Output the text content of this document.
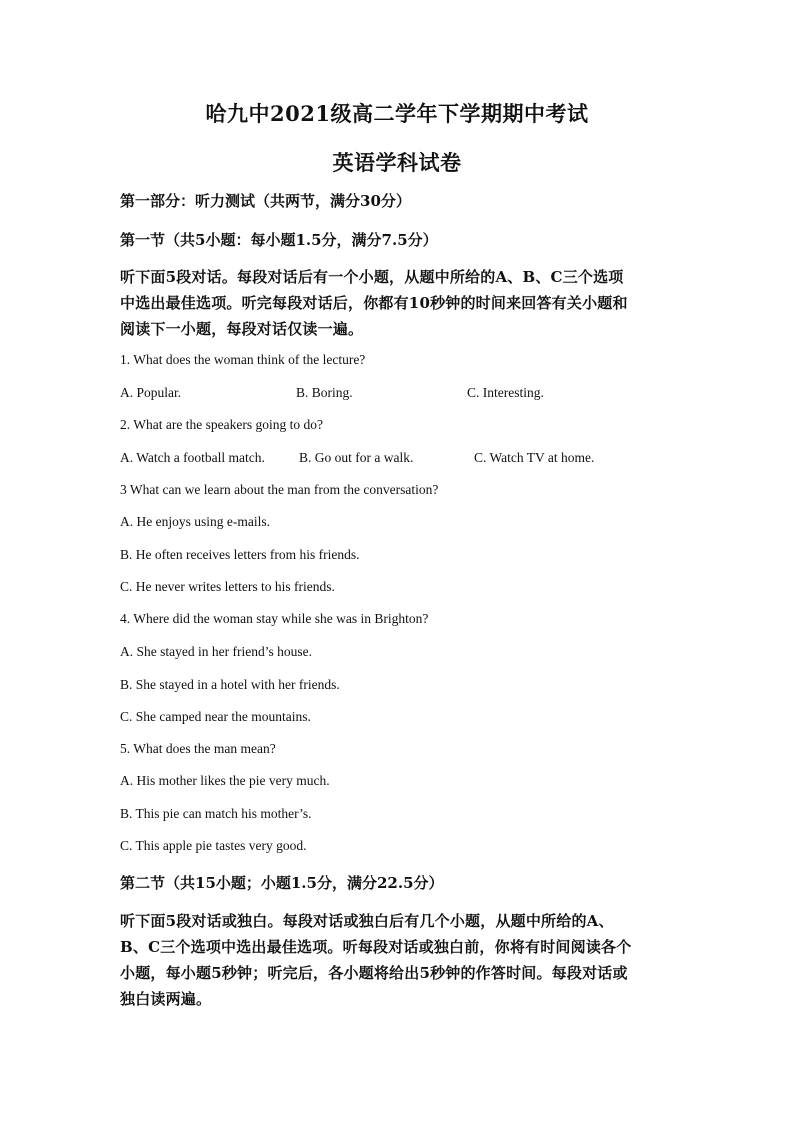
哈九中2021级高二学年下学期期中考试
英语学科试卷
第一部分：听力测试（共两节，满分30分）
第一节（共5小题：每小题1.5分，满分7.5分）
听下面5段对话。每段对话后有一个小题，从题中所给的A、B、C三个选项
中选出最佳选项。听完每段对话后，你都有10秒钟的时间来回答有关小题和
阅读下一小题，每段对话仅读一遍。
1. What does the woman think of the lecture?
A. Popular.	B. Boring.	C. Interesting.
2. What are the speakers going to do?
A. Watch a football match.	B. Go out for a walk.	C. Watch TV at home.
3 What can we learn about the man from the conversation?
A. He enjoys using e-mails.
B. He often receives letters from his friends.
C. He never writes letters to his friends.
4. Where did the woman stay while she was in Brighton?
A. She stayed in her friend’s house.
B. She stayed in a hotel with her friends.
C. She camped near the mountains.
5. What does the man mean?
A. His mother likes the pie very much.
B. This pie can match his mother’s.
C. This apple pie tastes very good.
第二节（共15小题；小题1.5分，满分22.5分）
听下面5段对话或独白。每段对话或独白后有几个小题，从题中所给的A、
B、C三个选项中选出最佳选项。听每段对话或独白前，你将有时间阅读各个
小题，每小题5秒钟；听完后，各小题将给出5秒钟的作答时间。每段对话或
独白读两遍。
